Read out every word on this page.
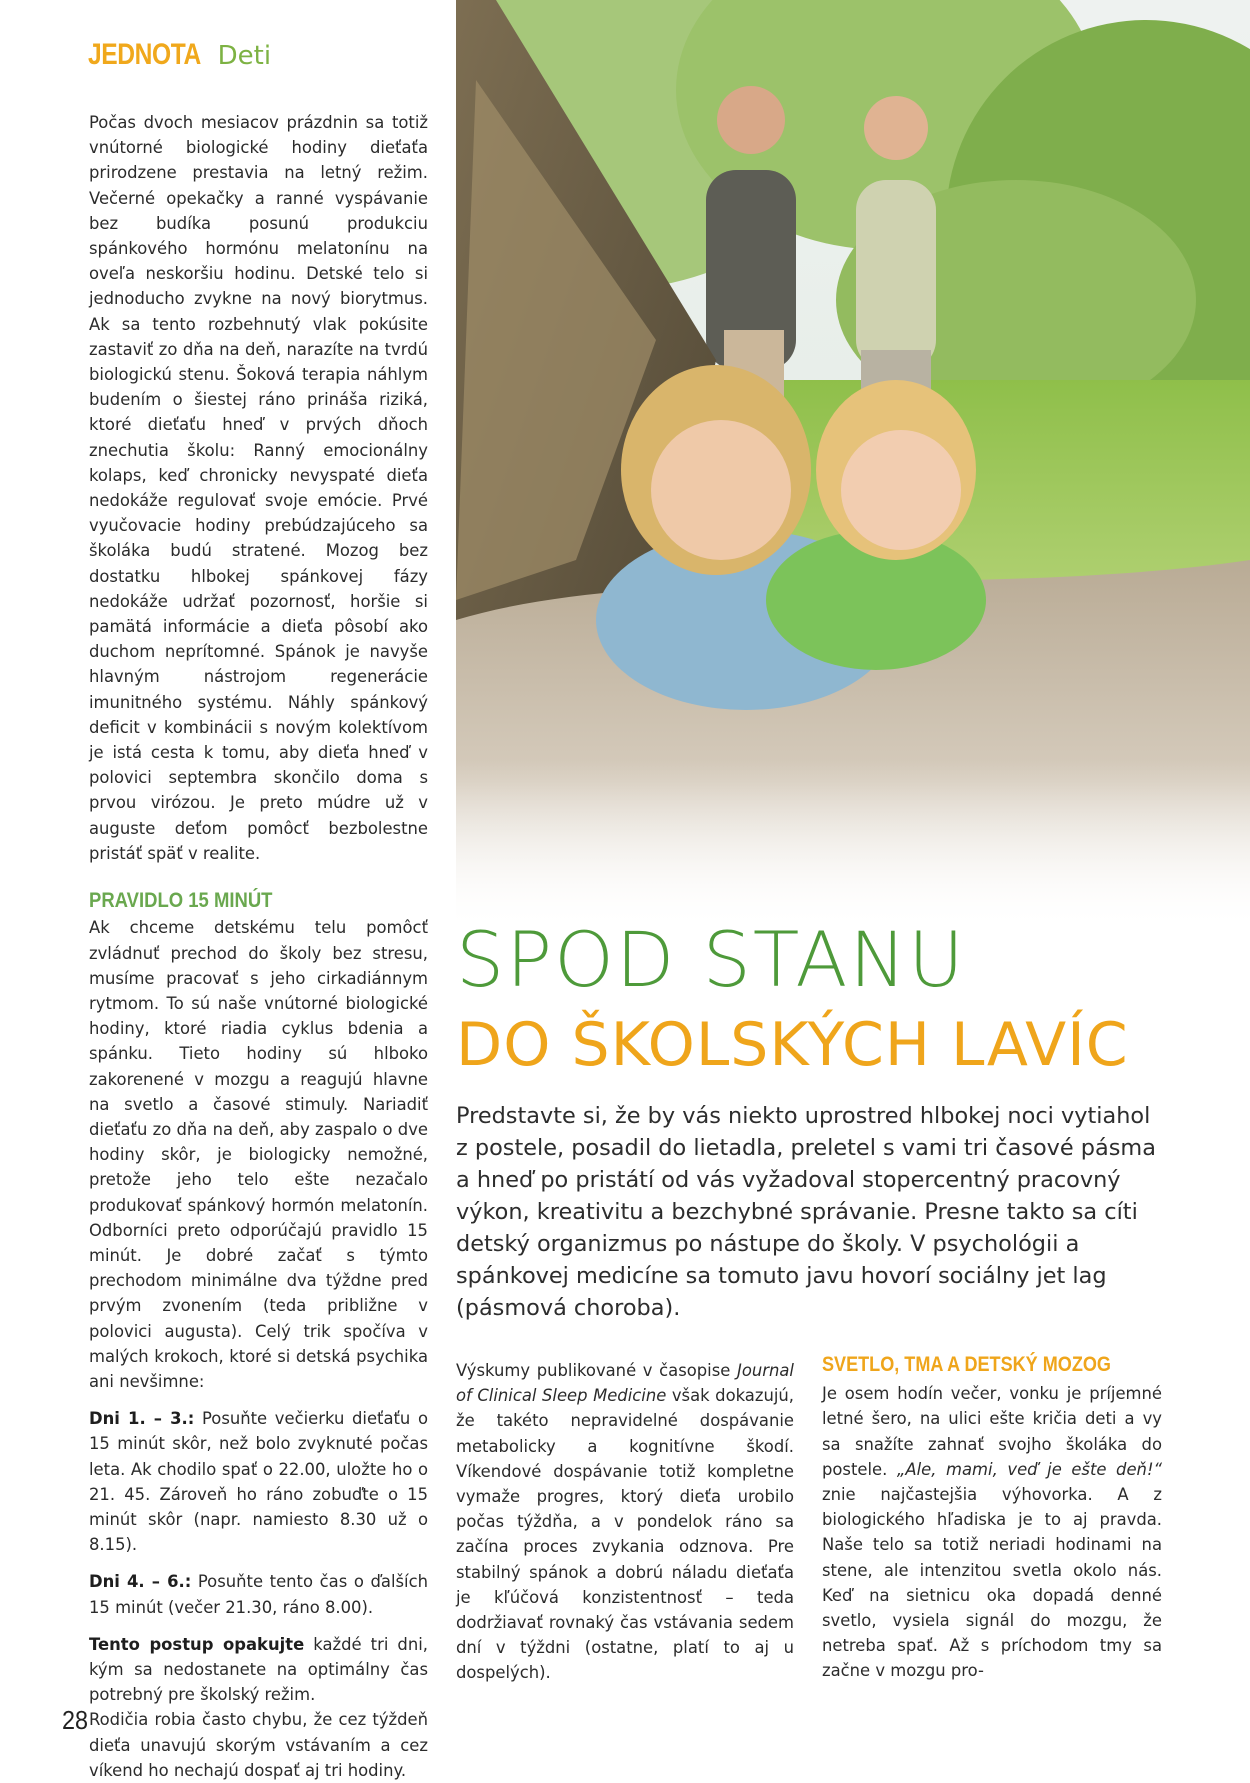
JEDNOTA Deti

Počas dvoch mesiacov prázdnin sa totiž vnútorné biologické hodiny dieťaťa prirodzene prestavia na letný režim. Večerné opekačky a ranné vyspávanie bez budíka posunú produkciu spánkového hormónu melatonínu na oveľa neskoršiu hodinu. Detské telo si jednoducho zvykne na nový biorytmus. Ak sa tento rozbehnutý vlak pokúsite zastaviť zo dňa na deň, narazíte na tvrdú biologickú stenu. Šoková terapia náhlym budením o šiestej ráno prináša riziká, ktoré dieťaťu hneď v prvých dňoch znechutia školu: Ranný emocionálny kolaps, keď chronicky nevyspaté dieťa nedokáže regulovať svoje emócie. Prvé vyučovacie hodiny prebúdzajúceho sa školáka budú stratené. Mozog bez dostatku hlbokej spánkovej fázy nedokáže udržať pozornosť, horšie si pamätá informácie a dieťa pôsobí ako duchom neprítomné. Spánok je navyše hlavným nástrojom regenerácie imunitného systému. Náhly spánkový deficit v kombinácii s novým kolektívom je istá cesta k tomu, aby dieťa hneď v polovici septembra skončilo doma s prvou virózou. Je preto múdre už v auguste deťom pomôcť bezbolestne pristáť späť v realite.

PRAVIDLO 15 MINÚT

Ak chceme detskému telu pomôcť zvládnuť prechod do školy bez stresu, musíme pracovať s jeho cirkadiánnym rytmom. To sú naše vnútorné biologické hodiny, ktoré riadia cyklus bdenia a spánku. Tieto hodiny sú hlboko zakorenené v mozgu a reagujú hlavne na svetlo a časové stimuly. Nariadiť dieťaťu zo dňa na deň, aby zaspalo o dve hodiny skôr, je biologicky nemožné, pretože jeho telo ešte nezačalo produkovať spánkový hormón melatonín. Odborníci preto odporúčajú pravidlo 15 minút. Je dobré začať s týmto prechodom minimálne dva týždne pred prvým zvonením (teda približne v polovici augusta). Celý trik spočíva v malých krokoch, ktoré si detská psychika ani nevšimne:

Dni 1. – 3.: Posuňte večierku dieťaťu o 15 minút skôr, než bolo zvyknuté počas leta. Ak chodilo spať o 22.00, uložte ho o 21. 45. Zároveň ho ráno zobuďte o 15 minút skôr (napr. namiesto 8.30 už o 8.15).

Dni 4. – 6.: Posuňte tento čas o ďalších 15 minút (večer 21.30, ráno 8.00).

Tento postup opakujte každé tri dni, kým sa nedostanete na optimálny čas potrebný pre školský režim.

Rodičia robia často chybu, že cez týždeň dieťa unavujú skorým vstávaním a cez víkend ho nechajú dospať aj tri hodiny.

SPOD STANU
DO ŠKOLSKÝCH LAVÍC
Predstavte si, že by vás niekto uprostred hlbokej noci vytiahol z postele, posadil do lietadla, preletel s vami tri časové pásma a hneď po pristátí od vás vyžadoval stopercentný pracovný výkon, kreativitu a bezchybné správanie. Presne takto sa cíti detský organizmus po nástupe do školy. V psychológii a spánkovej medicíne sa tomuto javu hovorí sociálny jet lag (pásmová choroba).

Výskumy publikované v časopise Journal of Clinical Sleep Medicine však dokazujú, že takéto nepravidelné dospávanie metabolicky a kognitívne škodí. Víkendové dospávanie totiž kompletne vymaže progres, ktorý dieťa urobilo počas týždňa, a v pondelok ráno sa začína proces zvykania odznova. Pre stabilný spánok a dobrú náladu dieťaťa je kľúčová konzistentnosť – teda dodržiavať rovnaký čas vstávania sedem dní v týždni (ostatne, platí to aj u dospelých).

SVETLO, TMA A DETSKÝ MOZOG

Je osem hodín večer, vonku je príjemné letné šero, na ulici ešte kričia deti a vy sa snažíte zahnať svojho školáka do postele. „Ale, mami, veď je ešte deň!“ znie najčastejšia výhovorka. A z biologického hľadiska je to aj pravda. Naše telo sa totiž neriadi hodinami na stene, ale intenzitou svetla okolo nás. Keď na sietnicu oka dopadá denné svetlo, vysiela signál do mozgu, že netreba spať. Až s príchodom tmy sa začne v mozgu pro-

28
